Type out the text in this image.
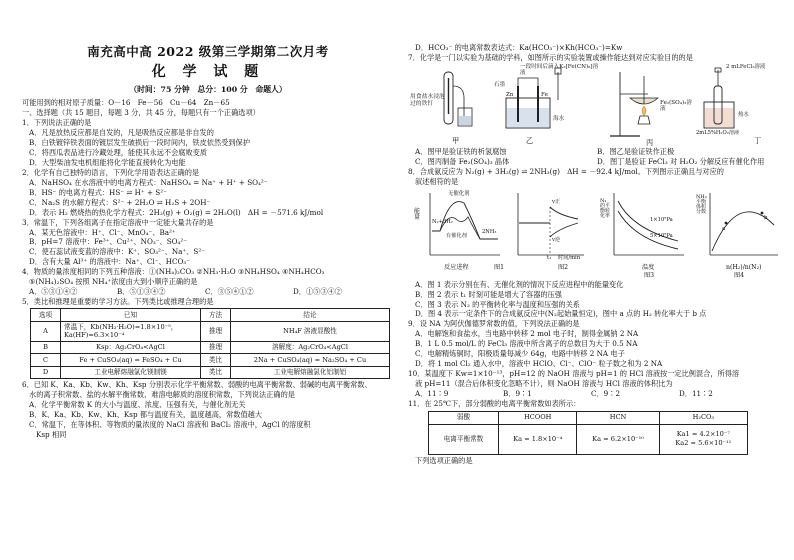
南充高中高 2022 级第三学期第二次月考
化 学 试 题
（时间：75 分钟　总分：100 分　命题人）
可能用到的相对原子质量：O－16　Fe－56　Cu－64　Zn－65
一、选择题（共 15 题目，每题 3 分，共 45 分，每题只有一个正确选项）
1．下列说法正确的是
A．凡是放热反应都是自发的，凡是吸热反应都是非自发的
B．白铁镀锌铁表面的镀层发生破损后一段时间内，铁皮依然受到保护
C．将西瓜表品进行冷藏处理，能使其永远不会腐败变质
D．大型柴油发电机组能将化学能直接转化为电能
2．化学有自己独特的语言，下列化学用语表达正确的是
A．NaHSO₄ 在水溶液中的电离方程式：NaHSO₄ = Na⁺ + H⁺ + SO₄²⁻
B．HS⁻ 的电离方程式：HS⁻ ⇌ H⁺ + S²⁻
C．Na₂S 的水解方程式：S²⁻ + 2H₂O ⇌ H₂S + 2OH⁻
D．表示 H₂ 燃烧热的热化学方程式：2H₂(g) + O₂(g) = 2H₂O(l)　ΔH = －571.6 kJ/mol
3．常温下，下列各组离子在指定溶液中一定能大量共存的是
A．某无色溶液中：H⁺、Cl⁻、MnO₄⁻、Ba²⁺
B．pH=7 溶液中：Fe³⁺、Cu²⁺、NO₃⁻、SO₄²⁻
C．使石蕊试液变蓝的溶液中：K⁺、SO₃²⁻、Na⁺、S²⁻
D．含有大量 Al³⁺ 的溶液中：Na⁺、Cl⁻、HCO₃⁻
4．物质的量浓度相同的下列五种溶液：①(NH₄)₂CO₃ ②NH₃·H₂O ③NH₄HSO₄ ④NH₄HCO₃
⑤(NH₄)₂SO₄ 按照 NH₄⁺浓度由大到小顺序正确的是
A．⑤③①④②	B．⑤①③④②	C．③⑤④①②	D．①⑤③④②
5．类比和推理是重要的学习方法。下列类比或推理合理的是
选项	已知	方法	结论
A	常温下，Kb(NH₃·H₂O)=1.8×10⁻⁵，Ka(HF)=6.3×10⁻⁴	推理	NH₄F 溶液显酸性
B	Ksp：Ag₂CrO₄<AgCl	推理	溶解度：Ag₂CrO₄<AgCl
C	Fe + CuSO₄(aq) = FeSO₄ + Cu	类比	2Na + CuSO₄(aq) = Na₂SO₄ + Cu
D	工业电解熔融氯化镁制镁	类比	工业电解熔融氯化铝制铝
6．已知 K、Ka、Kb、Kw、Kh、Ksp 分别表示化学平衡常数、弱酸的电离平衡常数、弱碱的电离平衡常数、
水的离子积常数、盐的水解平衡常数、难溶电解质的溶度积常数，下列说法正确的是
A．化学平衡常数 K 的大小与温度、浓度、压强有关，与催化剂无关
B．K、Ka、Kb、Kw、Kh、Ksp 都与温度有关，温度越高，常数值越大
C．常温下，在等体积、等物质的量浓度的 NaCl 溶液和 BaCl₂ 溶液中，AgCl 的溶度积
Ksp 相同
D．HCO₃⁻ 的电离常数表达式：Ka(HCO₃⁻)×Kh(HCO₃⁻)=Kw
7．化学是一门以实验为基础的学科，如图所示的实验装置或操作能达到对应实验目的的是
用食盐水浸泡过的铁钉
一段时间后滴入K₃[Fe(CN)₆]溶液
石墨
Zn	Fe
海水
Fe₂(SO₄)₃溶液
2 mLFeCl₃溶液
热水
2mL5%H₂O₂溶液
甲	乙	丙	丁
A．图甲是验证铁的析氢腐蚀	B．图乙是验证铁作正极
C．图丙制备 Fe₂(SO₄)₃ 晶体	D．图丁是验证 FeCl₃ 对 H₂O₂ 分解反应有催化作用
8．合成氨反应为 N₂(g) + 3H₂(g) ⇌ 2NH₃(g)　ΔH = －92.4 kJ/mol。下列图示正确且与对应的
叙述相符的是
能量
无催化剂
N₂+3H₂
有催化剂
2NH₃
v正
v逆
t₁ 时间/min
N₂的平衡转化率
1×10⁵Pa
5×10⁵Pa
NH₃平衡体积分数
a
b
反应进程	图1	图2	温度
图3
n(H₂)/n(N₂)
图4
A．图 1 表示分别在有、无催化剂的情况下反应进程中的能量变化
B．图 2 表示 t₁ 时刻可能是增大了容器的压强
C．图 3 表示 N₂ 的平衡转化率与温度和压强的关系
D．图 4 表示一定条件下的合成氨反应中(N₂起始量恒定)，图中 a 点的 H₂ 转化率大于 b 点
9．设 NA 为阿伏伽德罗常数的值，下列说法正确的是
A．电解饱和食盐水，当电路中转移 2 mol 电子时，制得金属钠 2 NA
B．1 L 0.5 mol/L 的 FeCl₃ 溶液中所含离子的总数目为大于 0.5 NA
C．电解精炼铜时，阳极质量每减少 64g，电路中转移 2 NA 电子
D．将 1 mol Cl₂ 通入水中，溶液中 HClO、Cl⁻、ClO⁻ 粒子数之和为 2 NA
10．某温度下 Kw=1×10⁻¹³，pH=12 的 NaOH 溶液与 pH=1 的 HCl 溶液按一定比例混合，所得溶
液 pH=11（混合后体积变化忽略不计），则 NaOH 溶液与 HCl 溶液的体积比为
A．11∶9	B．9∶1	C．9∶2	D．11∶2
11．在 25℃下，部分弱酸的电离平衡常数如表所示：
弱酸	HCOOH	HCN	H₂CO₃
电离平衡常数	Ka = 1.8×10⁻⁴	Ka = 6.2×10⁻¹⁰	Ka1 = 4.2×10⁻⁷
Ka2 = 5.6×10⁻¹¹
下列选项正确的是
